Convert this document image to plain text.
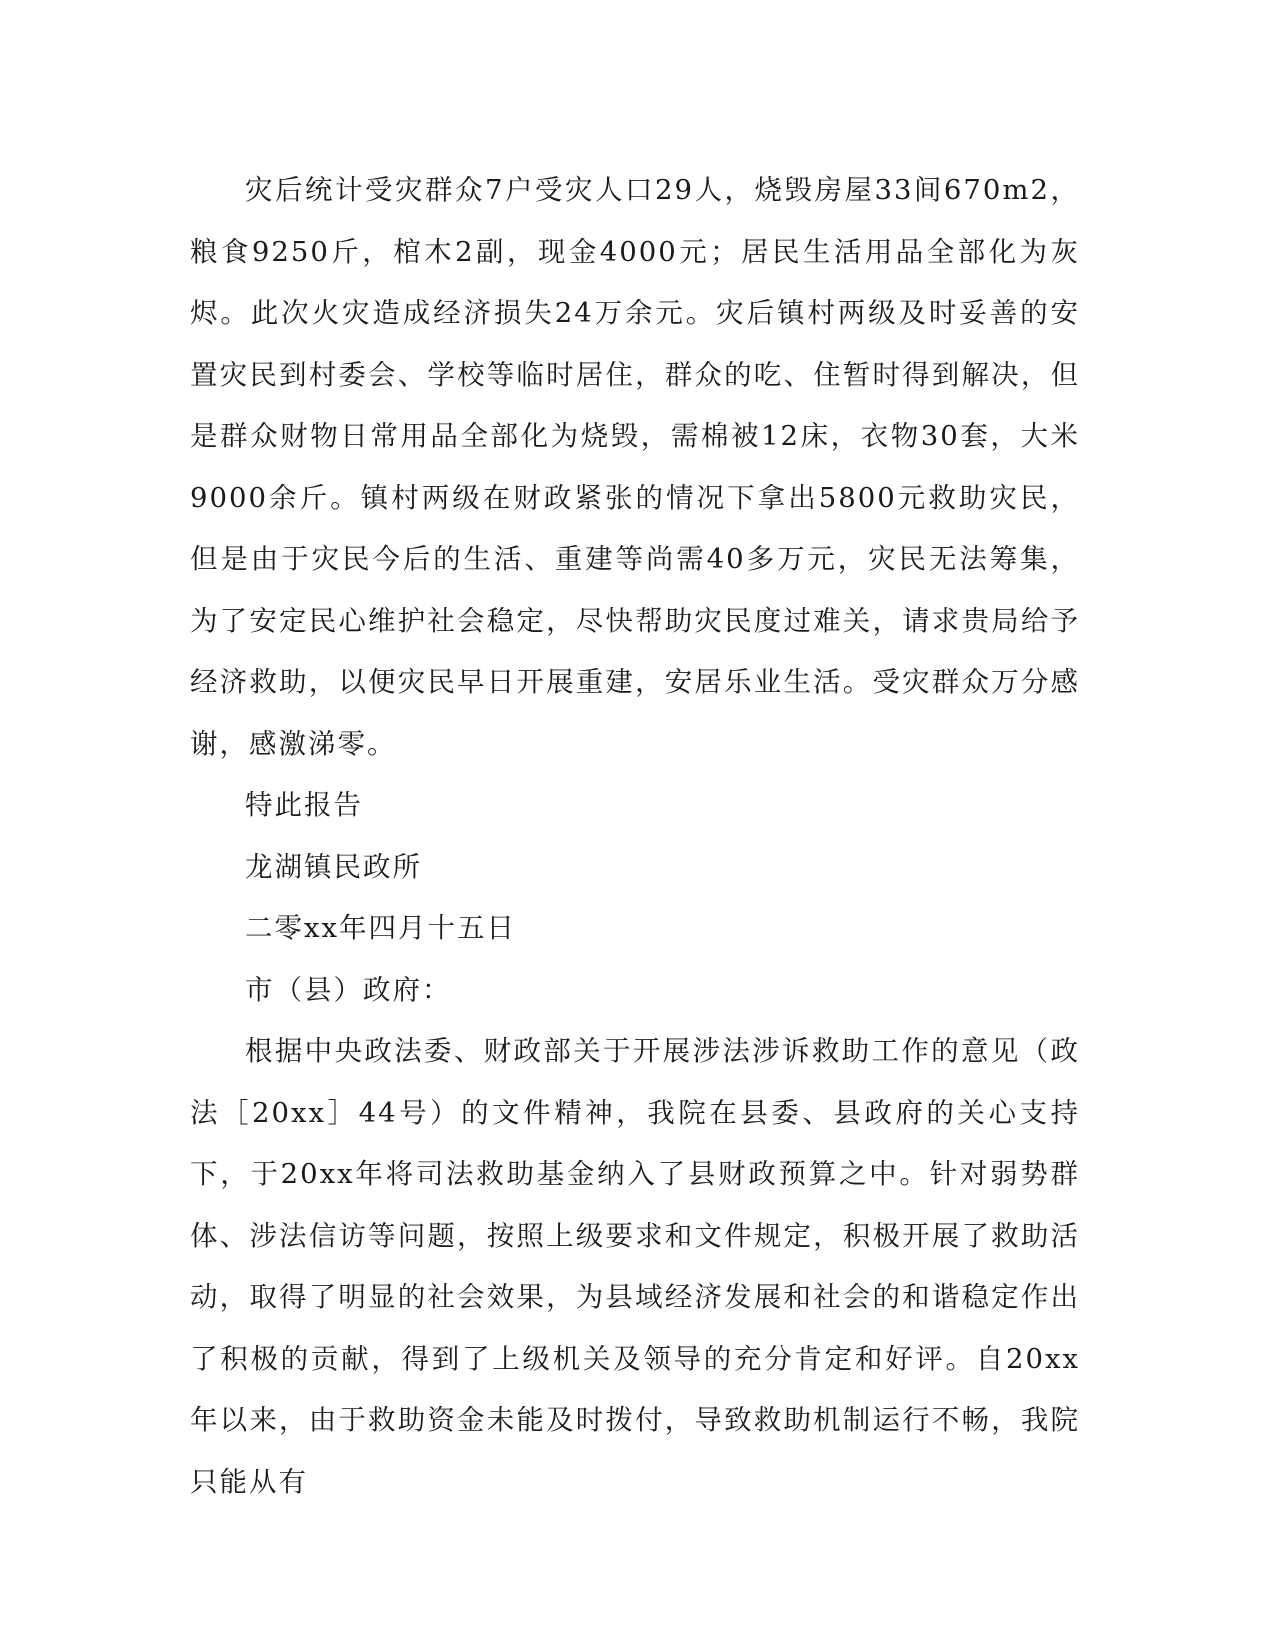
灾后统计受灾群众7户受灾人口29人，烧毁房屋33间670m2，粮食9250斤，棺木2副，现金4000元；居民生活用品全部化为灰烬。此次火灾造成经济损失24万余元。灾后镇村两级及时妥善的安置灾民到村委会、学校等临时居住，群众的吃、住暂时得到解决，但是群众财物日常用品全部化为烧毁，需棉被12床，衣物30套，大米9000余斤。镇村两级在财政紧张的情况下拿出5800元救助灾民，但是由于灾民今后的生活、重建等尚需40多万元，灾民无法筹集，为了安定民心维护社会稳定，尽快帮助灾民度过难关，请求贵局给予经济救助，以便灾民早日开展重建，安居乐业生活。受灾群众万分感谢，感激涕零。

特此报告

龙湖镇民政所

二零xx年四月十五日

市（县）政府：

根据中央政法委、财政部关于开展涉法涉诉救助工作的意见（政法［20xx］44号）的文件精神，我院在县委、县政府的关心支持下，于20xx年将司法救助基金纳入了县财政预算之中。针对弱势群体、涉法信访等问题，按照上级要求和文件规定，积极开展了救助活动，取得了明显的社会效果，为县域经济发展和社会的和谐稳定作出了积极的贡献，得到了上级机关及领导的充分肯定和好评。自20xx年以来，由于救助资金未能及时拨付，导致救助机制运行不畅，我院只能从有
